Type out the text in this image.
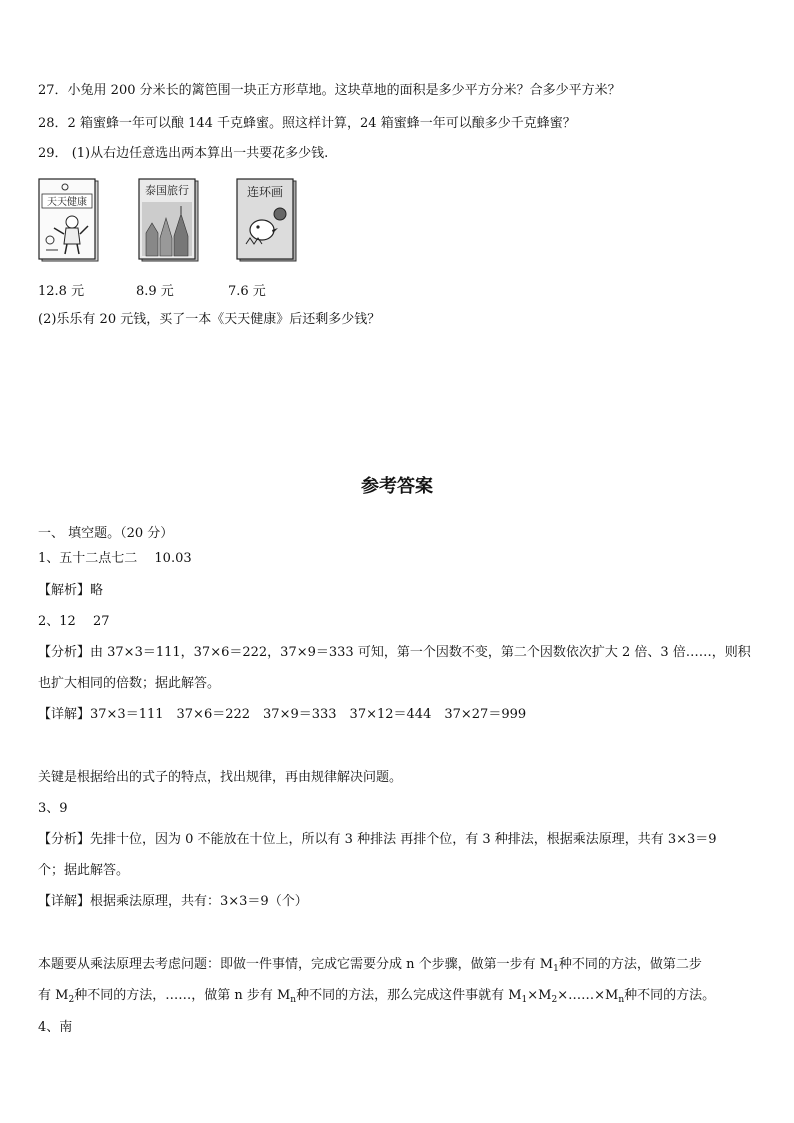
27．小兔用 200 分米长的篱笆围一块正方形草地。这块草地的面积是多少平方分米？合多少平方米？
28．2 箱蜜蜂一年可以酿 144 千克蜂蜜。照这样计算，24 箱蜜蜂一年可以酿多少千克蜂蜜？
29． (1)从右边任意选出两本算出一共要花多少钱.
天天健康
泰国旅行	连环画
12.8 元	8.9 元	7.6 元
(2)乐乐有 20 元钱，买了一本《天天健康》后还剩多少钱？
参考答案
一、 填空题。（20 分）
1、五十二点七二　 10.03
【解析】略
2、12　 27
【分析】由 37×3＝111，37×6＝222，37×9＝333 可知，第一个因数不变，第二个因数依次扩大 2 倍、3 倍……，则积
也扩大相同的倍数；据此解答。
【详解】37×3＝111　37×6＝222　37×9＝333　37×12＝444　37×27＝999
关键是根据给出的式子的特点，找出规律，再由规律解决问题。
3、9
【分析】先排十位，因为 0 不能放在十位上，所以有 3 种排法 再排个位，有 3 种排法，根据乘法原理，共有 3×3＝9
个；据此解答。
【详解】根据乘法原理，共有：3×3＝9（个）
本题要从乘法原理去考虑问题：即做一件事情，完成它需要分成 n 个步骤，做第一步有 $M_1$种不同的方法，做第二步
有 $M_2$种不同的方法，……，做第 n 步有 $M_n$种不同的方法，那么完成这件事就有 $M_1\times M_2\times\dots\dots\times M_n$种不同的方法。
4、南
